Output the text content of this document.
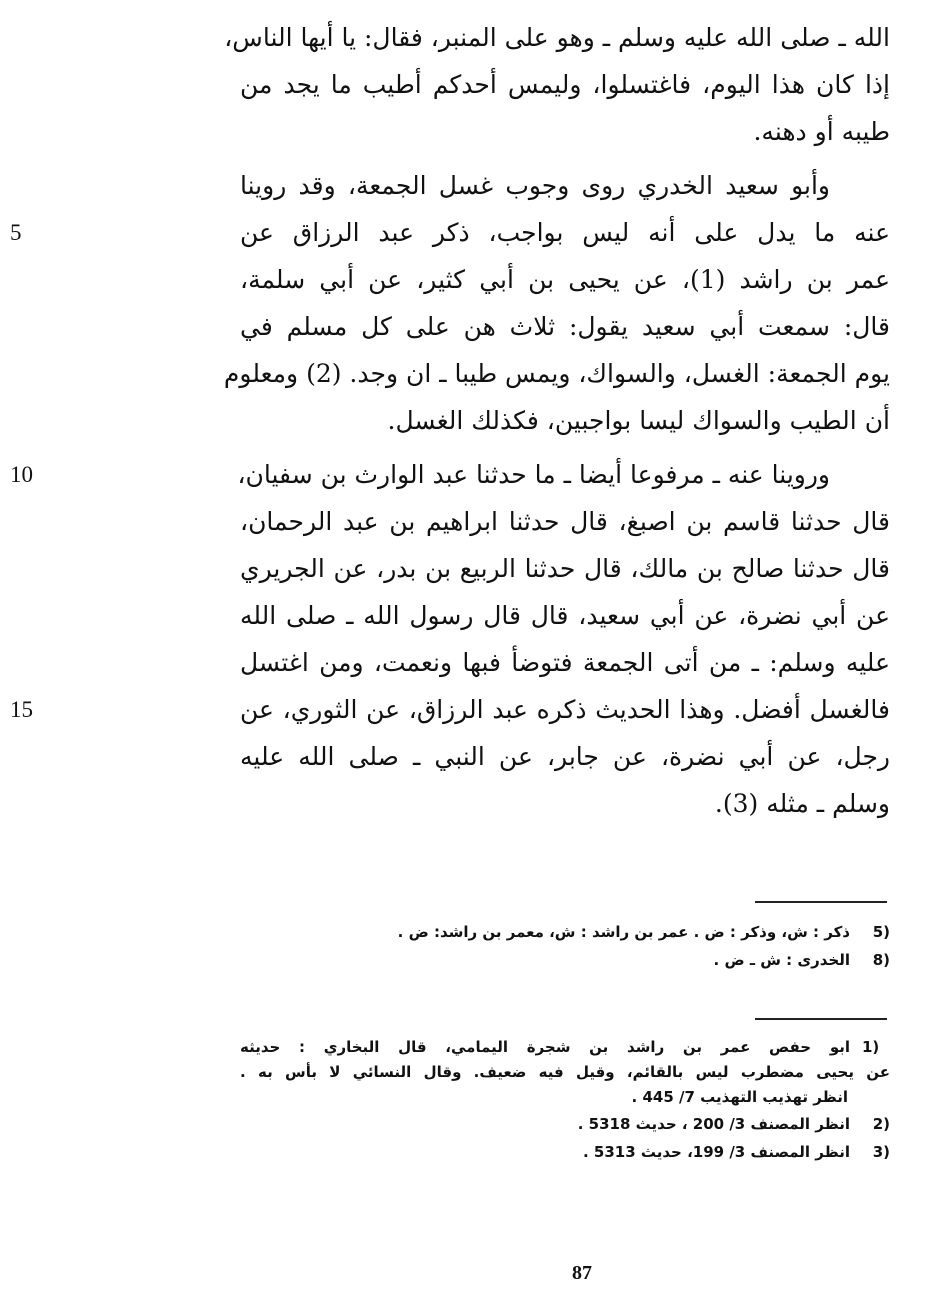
الله ـ صلى الله عليه وسلم ـ وهو على المنبر، فقال: يا أيها الناس،
إذا كان هذا اليوم، فاغتسلوا، وليمس أحدكم أطيب ما يجد من
طيبه أو دهنه.
وأبو سعيد الخدري روى وجوب غسل الجمعة، وقد روينا
عنه ما يدل على أنه ليس بواجب، ذكر عبد الرزاق عن
5
عمر بن راشد (1)، عن يحيى بن أبي كثير، عن أبي سلمة،
قال: سمعت أبي سعيد يقول: ثلاث هن على كل مسلم في
يوم الجمعة: الغسل، والسواك، ويمس طيبا ـ ان وجد. (2) ومعلوم
أن الطيب والسواك ليسا بواجبين، فكذلك الغسل.
وروينا عنه ـ مرفوعا أيضا ـ ما حدثنا عبد الوارث بن سفيان،
10
قال حدثنا قاسم بن اصبغ، قال حدثنا ابراهيم بن عبد الرحمان،
قال حدثنا صالح بن مالك، قال حدثنا الربيع بن بدر، عن الجريري
عن أبي نضرة، عن أبي سعيد، قال قال رسول الله ـ صلى الله
عليه وسلم: ـ من أتى الجمعة فتوضأ فبها ونعمت، ومن اغتسل
فالغسل أفضل. وهذا الحديث ذكره عبد الرزاق، عن الثوري، عن
15
رجل، عن أبي نضرة، عن جابر، عن النبي ـ صلى الله عليه
وسلم ـ مثله (3).
5)ذكر : ش، وذكر : ض . عمر بن راشد : ش، معمر بن راشد: ض .
8)الخدرى : ش ـ ض .
1)ابو حفص عمر بن راشد بن شجرة اليمامي، قال البخاري : حديثه
عن يحيى مضطرب ليس بالقائم، وقيل فيه ضعيف. وقال النسائي لا بأس به .
انظر تهذيب التهذيب 7/ 445 .
2)انظر المصنف 3/ 200 ، حديث 5318 .
3)انظر المصنف 3/ 199، حديث 5313 .
87
